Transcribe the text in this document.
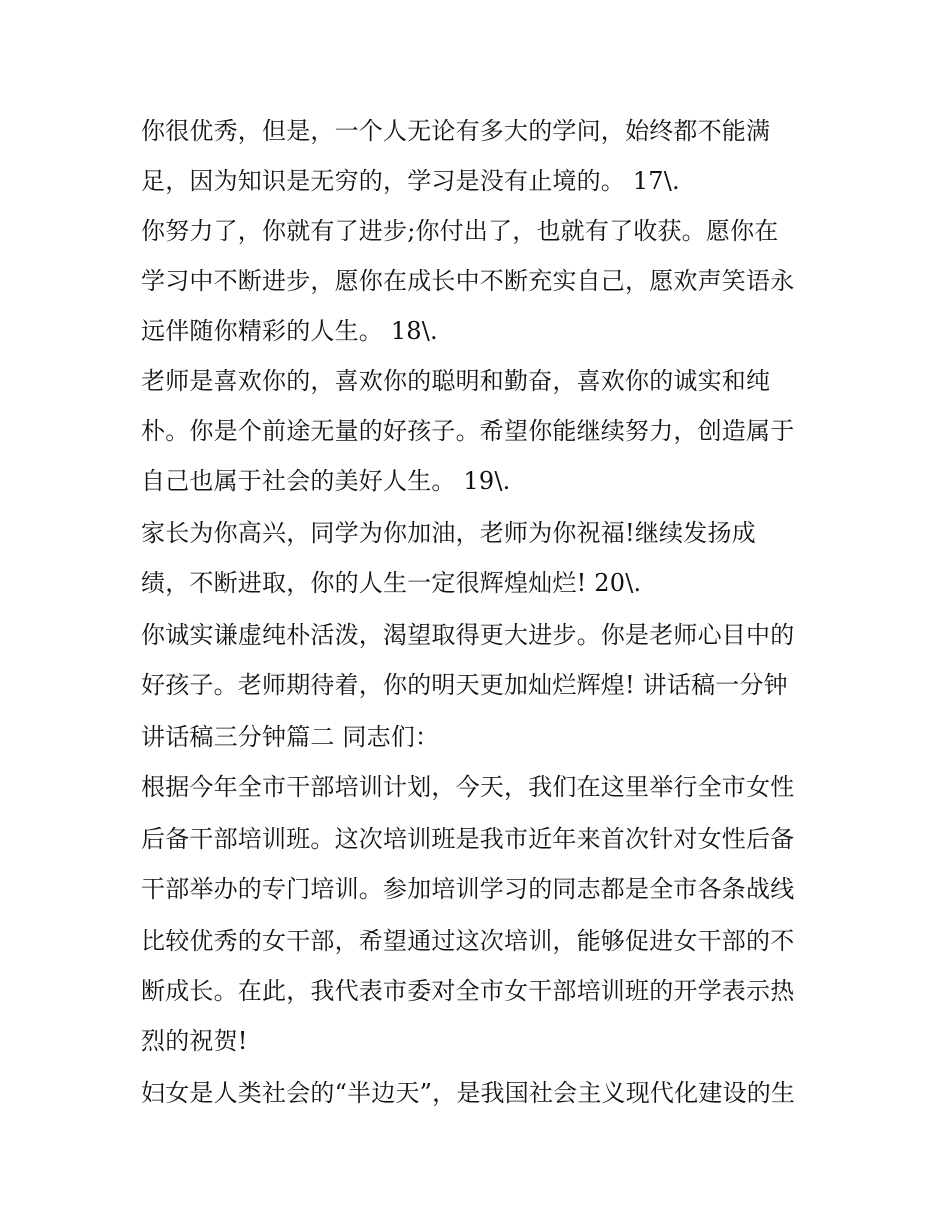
你很优秀，但是，一个人无论有多大的学问，始终都不能满
足，因为知识是无穷的，学习是没有止境的。 17\.
你努力了，你就有了进步;你付出了，也就有了收获。愿你在
学习中不断进步，愿你在成长中不断充实自己，愿欢声笑语永
远伴随你精彩的人生。 18\.
老师是喜欢你的，喜欢你的聪明和勤奋，喜欢你的诚实和纯
朴。你是个前途无量的好孩子。希望你能继续努力，创造属于
自己也属于社会的美好人生。 19\.
家长为你高兴，同学为你加油，老师为你祝福!继续发扬成
绩，不断进取，你的人生一定很辉煌灿烂! 20\.
你诚实谦虚纯朴活泼，渴望取得更大进步。你是老师心目中的
好孩子。老师期待着，你的明天更加灿烂辉煌! 讲话稿一分钟
讲话稿三分钟篇二 同志们：
根据今年全市干部培训计划，今天，我们在这里举行全市女性
后备干部培训班。这次培训班是我市近年来首次针对女性后备
干部举办的专门培训。参加培训学习的同志都是全市各条战线
比较优秀的女干部，希望通过这次培训，能够促进女干部的不
断成长。在此，我代表市委对全市女干部培训班的开学表示热
烈的祝贺!
妇女是人类社会的“半边天”，是我国社会主义现代化建设的生
